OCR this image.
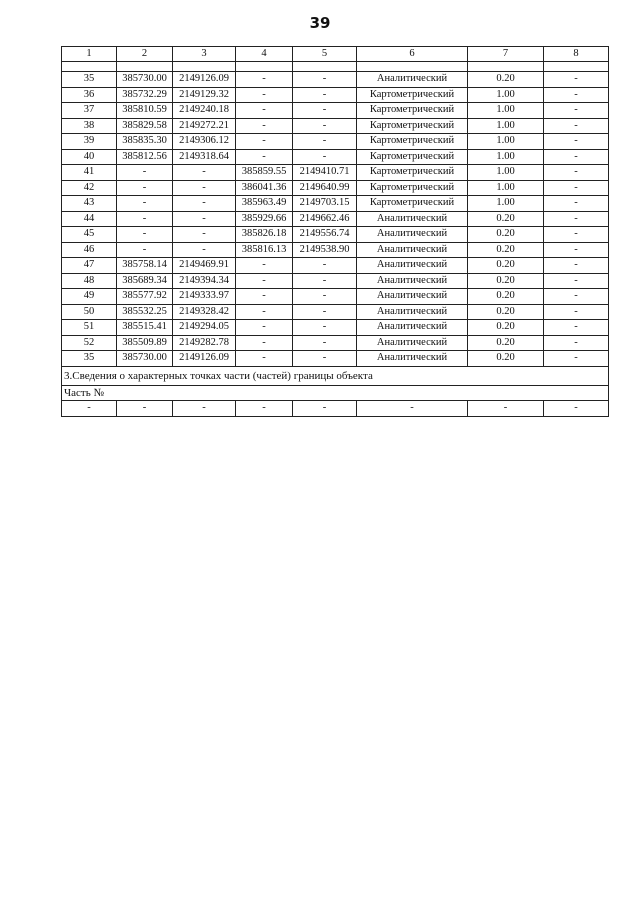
39
1	2	3	4	5	6	7	8

35	385730.00	2149126.09	-	-	Аналитический	0.20	-
36	385732.29	2149129.32	-	-	Картометрический	1.00	-
37	385810.59	2149240.18	-	-	Картометрический	1.00	-
38	385829.58	2149272.21	-	-	Картометрический	1.00	-
39	385835.30	2149306.12	-	-	Картометрический	1.00	-
40	385812.56	2149318.64	-	-	Картометрический	1.00	-
41	-	-	385859.55	2149410.71	Картометрический	1.00	-
42	-	-	386041.36	2149640.99	Картометрический	1.00	-
43	-	-	385963.49	2149703.15	Картометрический	1.00	-
44	-	-	385929.66	2149662.46	Аналитический	0.20	-
45	-	-	385826.18	2149556.74	Аналитический	0.20	-
46	-	-	385816.13	2149538.90	Аналитический	0.20	-
47	385758.14	2149469.91	-	-	Аналитический	0.20	-
48	385689.34	2149394.34	-	-	Аналитический	0.20	-
49	385577.92	2149333.97	-	-	Аналитический	0.20	-
50	385532.25	2149328.42	-	-	Аналитический	0.20	-
51	385515.41	2149294.05	-	-	Аналитический	0.20	-
52	385509.89	2149282.78	-	-	Аналитический	0.20	-
35	385730.00	2149126.09	-	-	Аналитический	0.20	-
3.Сведения о характерных точках части (частей) границы объекта							
Часть №							
-	-	-	-	-	-	-	-
